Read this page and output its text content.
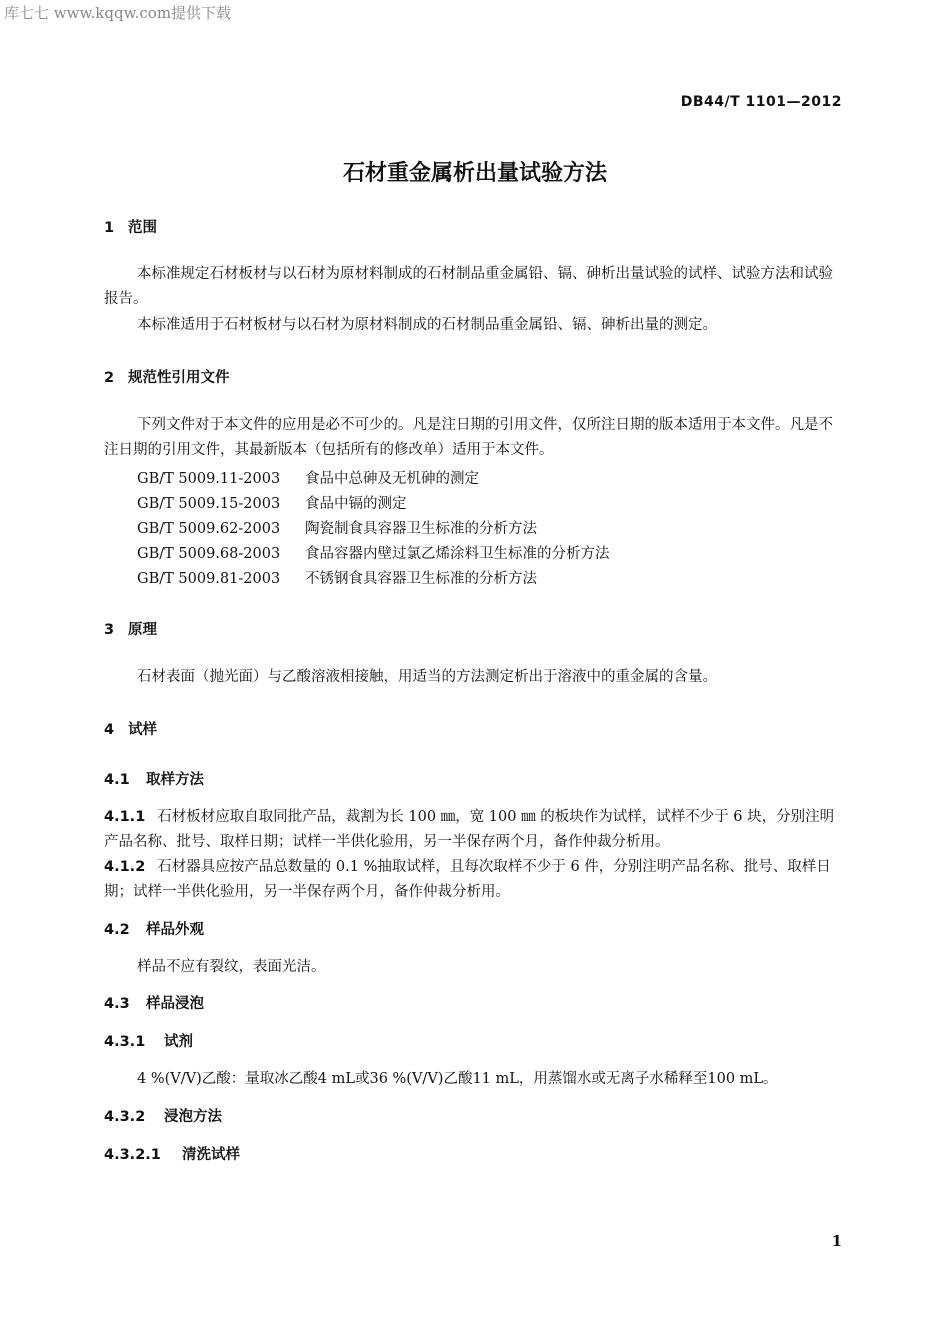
库七七 www.kqqw.com提供下载
DB44/T 1101—2012
石材重金属析出量试验方法
1 范围
本标准规定石材板材与以石材为原材料制成的石材制品重金属铅、镉、砷析出量试验的试样、试验方法和试验报告。
本标准适用于石材板材与以石材为原材料制成的石材制品重金属铅、镉、砷析出量的测定。
2 规范性引用文件
下列文件对于本文件的应用是必不可少的。凡是注日期的引用文件，仅所注日期的版本适用于本文件。凡是不注日期的引用文件，其最新版本（包括所有的修改单）适用于本文件。
GB/T 5009.11-2003 食品中总砷及无机砷的测定
GB/T 5009.15-2003 食品中镉的测定
GB/T 5009.62-2003 陶瓷制食具容器卫生标准的分析方法
GB/T 5009.68-2003 食品容器内壁过氯乙烯涂料卫生标准的分析方法
GB/T 5009.81-2003 不锈钢食具容器卫生标准的分析方法
3 原理
石材表面（抛光面）与乙酸溶液相接触，用适当的方法测定析出于溶液中的重金属的含量。
4 试样
4.1 取样方法
4.1.1 石材板材应取自取同批产品，裁割为长 100 ㎜，宽 100 ㎜ 的板块作为试样，试样不少于 6 块，分别注明产品名称、批号、取样日期；试样一半供化验用，另一半保存两个月，备作仲裁分析用。
4.1.2 石材器具应按产品总数量的 0.1 %抽取试样，且每次取样不少于 6 件，分别注明产品名称、批号、取样日期；试样一半供化验用，另一半保存两个月，备作仲裁分析用。
4.2 样品外观
样品不应有裂纹，表面光洁。
4.3 样品浸泡
4.3.1 试剂
4 %(V/V)乙酸：量取冰乙酸4 mL或36 %(V/V)乙酸11 mL，用蒸馏水或无离子水稀释至100 mL。
4.3.2 浸泡方法
4.3.2.1 清洗试样
1
